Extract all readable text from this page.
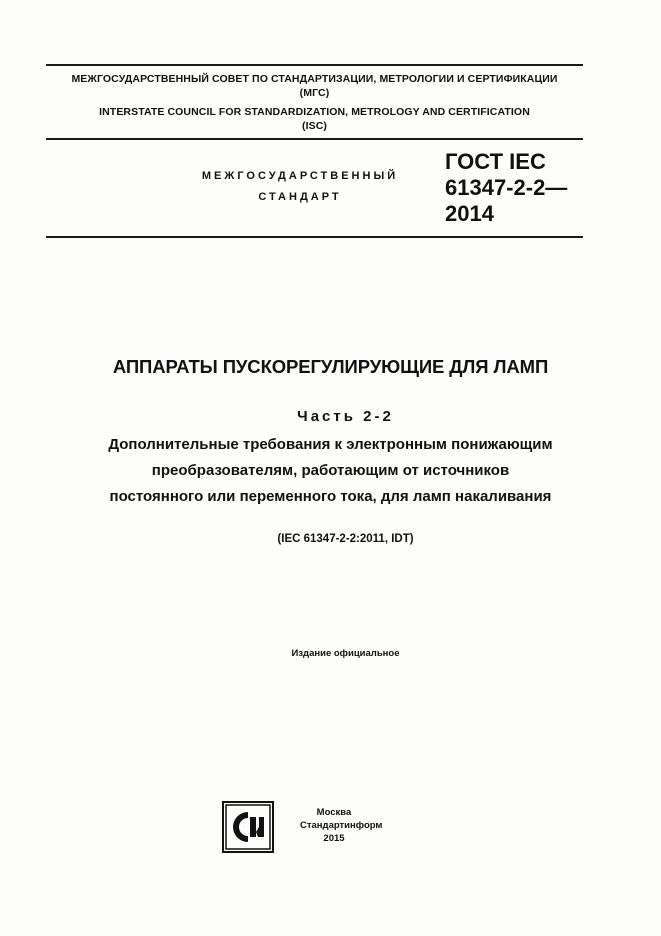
МЕЖГОСУДАРСТВЕННЫЙ СОВЕТ ПО СТАНДАРТИЗАЦИИ, МЕТРОЛОГИИ И СЕРТИФИКАЦИИ
(МГС)
INTERSTATE COUNCIL FOR STANDARDIZATION, METROLOGY AND CERTIFICATION
(ISC)
МЕЖГОСУДАРСТВЕННЫЙ
СТАНДАРТ
ГОСТ IEC
61347-2-2—
2014
АППАРАТЫ ПУСКОРЕГУЛИРУЮЩИЕ ДЛЯ ЛАМП
Часть 2-2
Дополнительные требования к электронным понижающим
преобразователям, работающим от источников
постоянного или переменного тока, для ламп накаливания
(IEC 61347-2-2:2011, IDT)
Издание официальное
Москва
Стандартинформ
2015
